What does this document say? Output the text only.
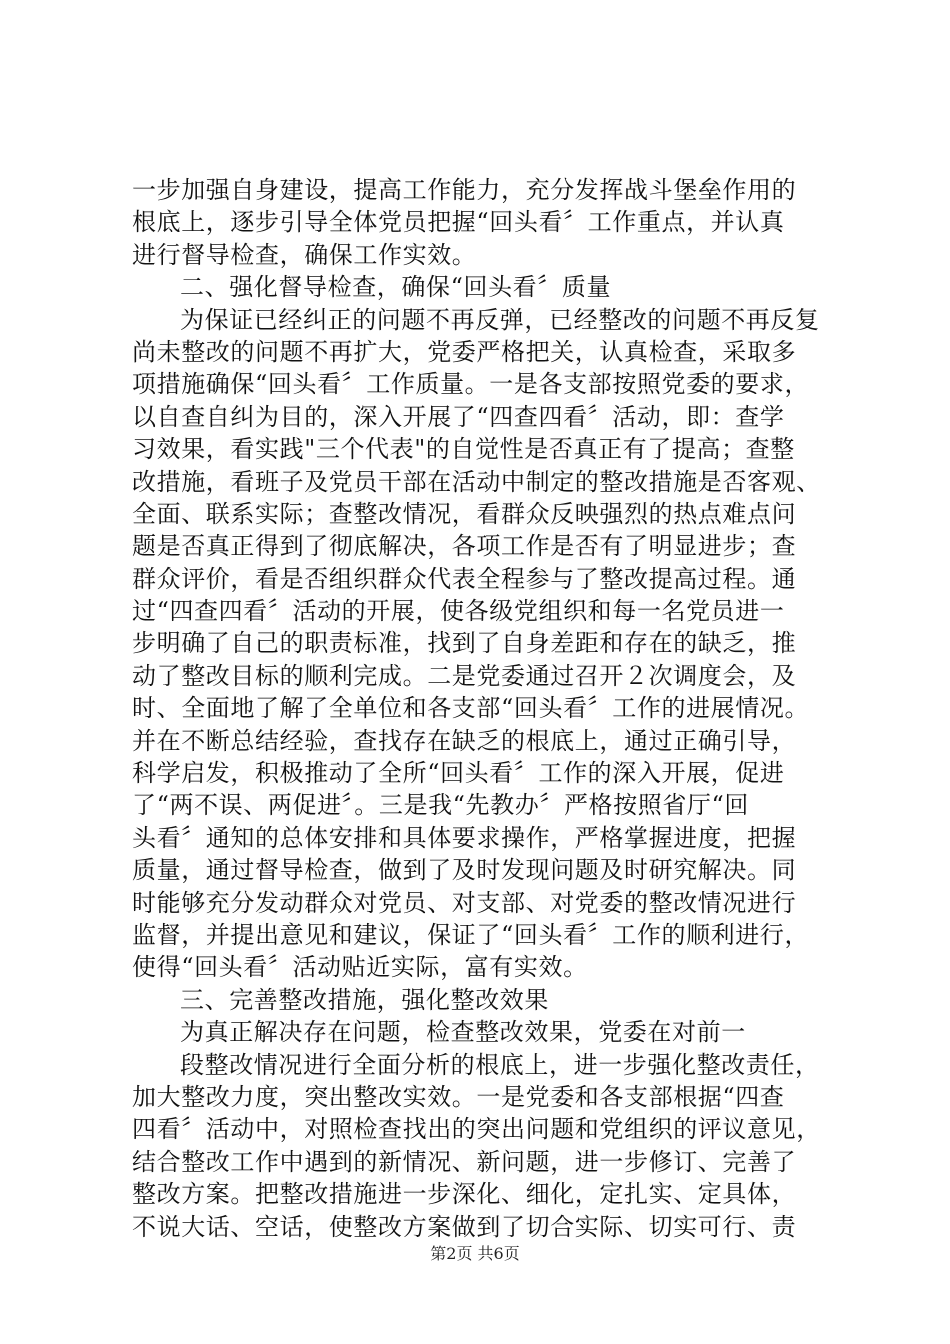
一步加强自身建设，提高工作能力，充分发挥战斗堡垒作用的
根底上，逐步引导全体党员把握“回头看〞工作重点，并认真
进行督导检查，确保工作实效。
二、强化督导检查，确保“回头看〞质量
为保证已经纠正的问题不再反弹，已经整改的问题不再反复
尚未整改的问题不再扩大，党委严格把关，认真检查，采取多
项措施确保“回头看〞工作质量。一是各支部按照党委的要求，
以自查自纠为目的，深入开展了“四查四看〞活动，即：查学
习效果，看实践"三个代表"的自觉性是否真正有了提高；查整
改措施，看班子及党员干部在活动中制定的整改措施是否客观、
全面、联系实际；查整改情况，看群众反映强烈的热点难点问
题是否真正得到了彻底解决，各项工作是否有了明显进步；查
群众评价，看是否组织群众代表全程参与了整改提高过程。通
过“四查四看〞活动的开展，使各级党组织和每一名党员进一
步明确了自己的职责标准，找到了自身差距和存在的缺乏，推
动了整改目标的顺利完成。二是党委通过召开２次调度会，及
时、全面地了解了全单位和各支部“回头看〞工作的进展情况。
并在不断总结经验，查找存在缺乏的根底上，通过正确引导，
科学启发，积极推动了全所“回头看〞工作的深入开展，促进
了“两不误、两促进〞。三是我“先教办〞严格按照省厅“回
头看〞通知的总体安排和具体要求操作，严格掌握进度，把握
质量，通过督导检查，做到了及时发现问题及时研究解决。同
时能够充分发动群众对党员、对支部、对党委的整改情况进行
监督，并提出意见和建议，保证了“回头看〞工作的顺利进行，
使得“回头看〞活动贴近实际，富有实效。
三、完善整改措施，强化整改效果
为真正解决存在问题，检查整改效果，党委在对前一
段整改情况进行全面分析的根底上，进一步强化整改责任，
加大整改力度，突出整改实效。一是党委和各支部根据“四查
四看〞活动中，对照检查找出的突出问题和党组织的评议意见，
结合整改工作中遇到的新情况、新问题，进一步修订、完善了
整改方案。把整改措施进一步深化、细化，定扎实、定具体，
不说大话、空话，使整改方案做到了切合实际、切实可行、责
第2页 共6页
